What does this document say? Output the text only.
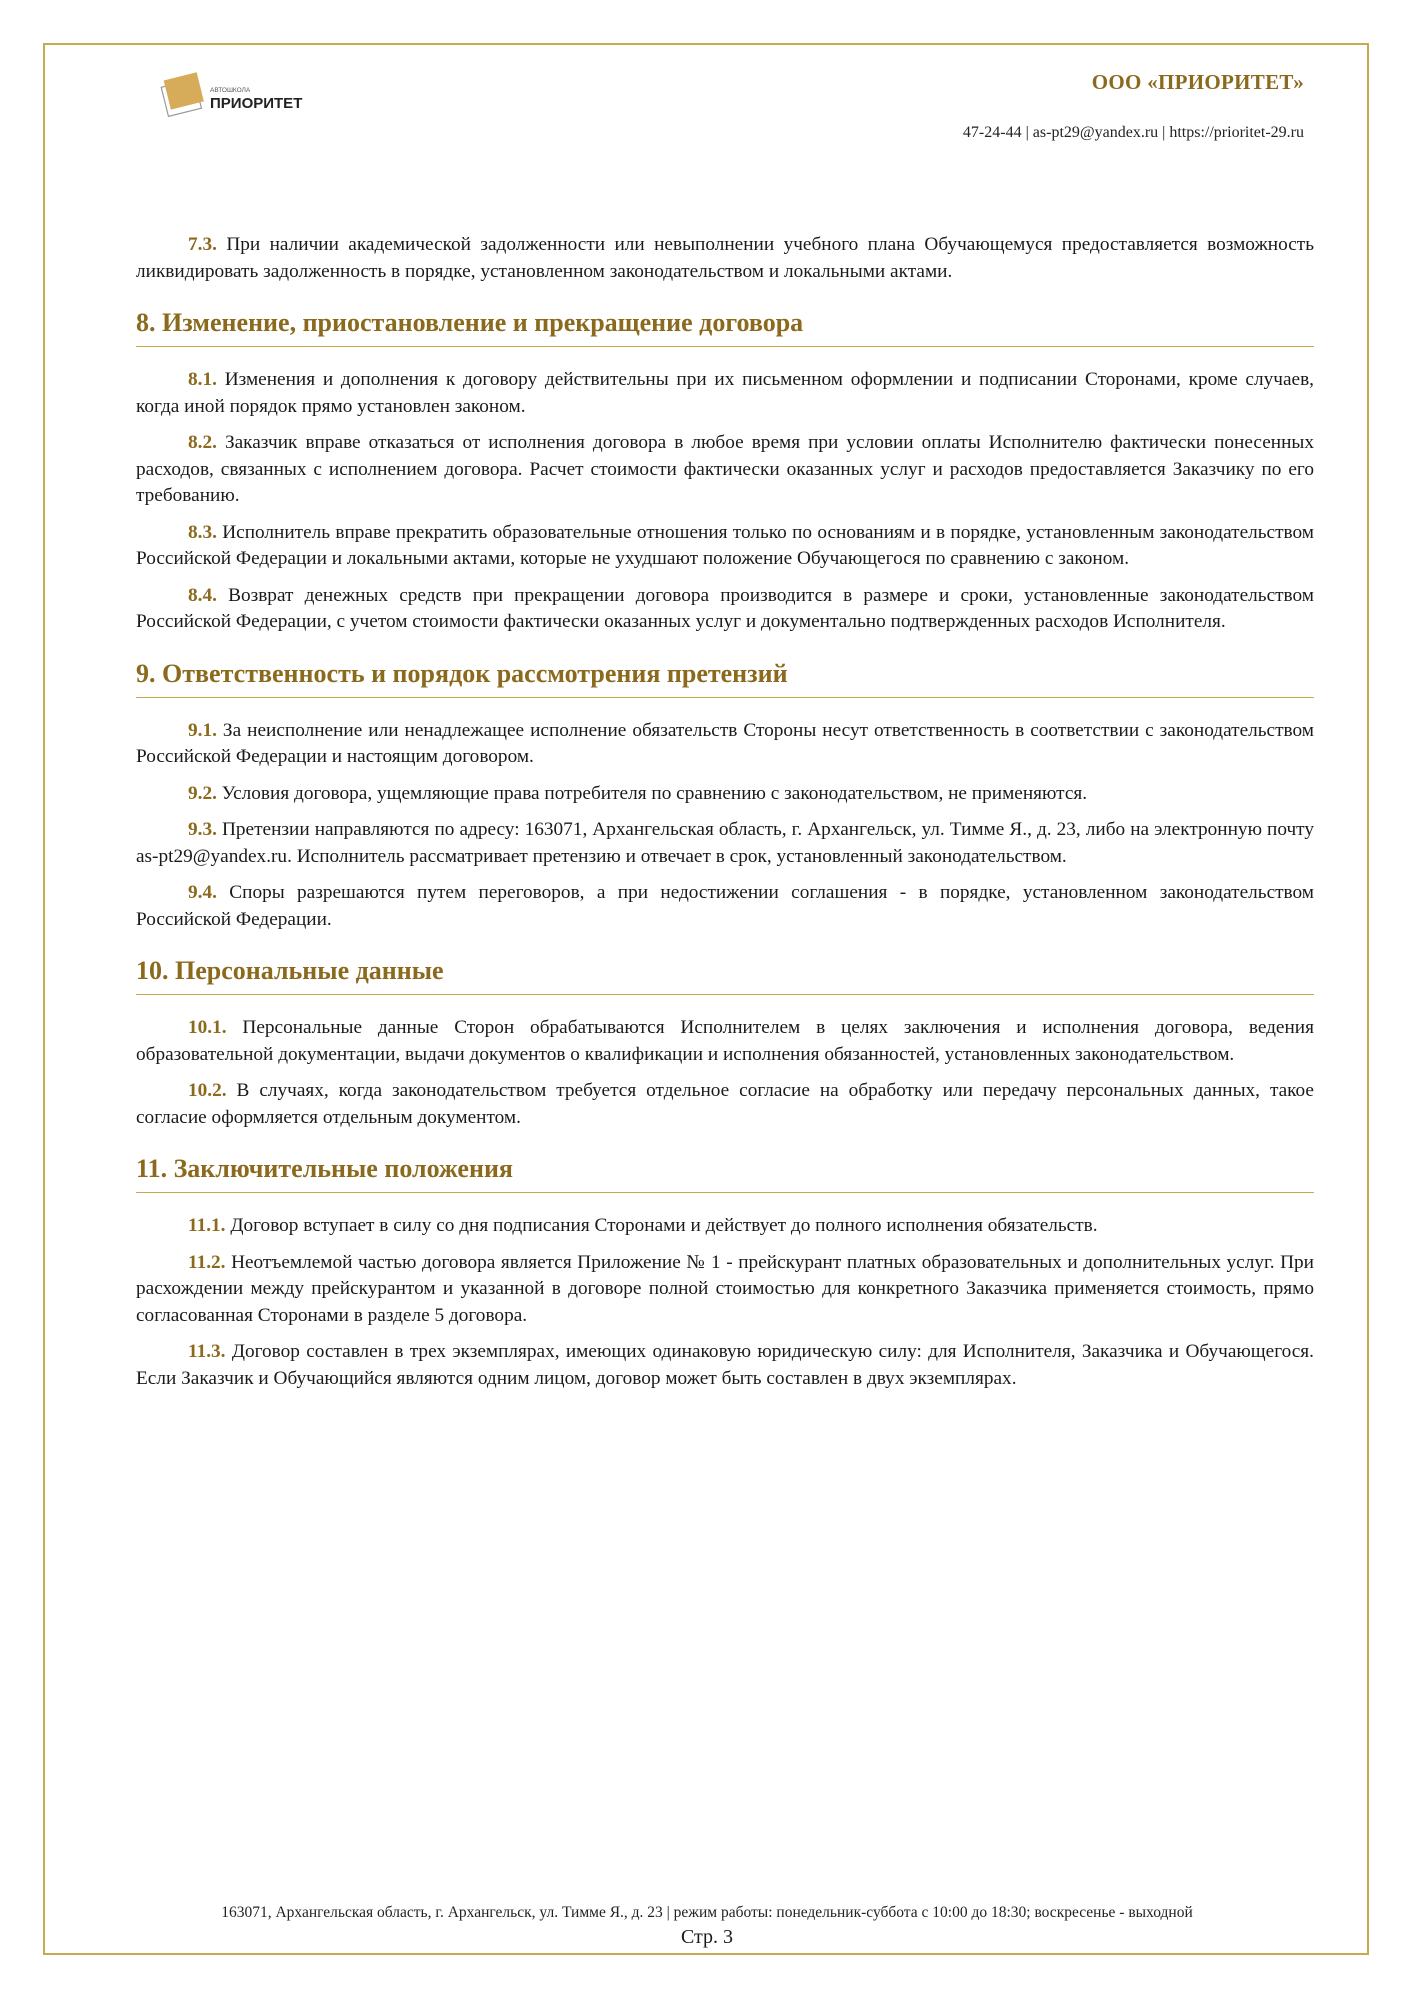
АВТОШКОЛА
ПРИОРИТЕТ
ООО «ПРИОРИТЕТ»
47-24-44 | as-pt29@yandex.ru | https://prioritet-29.ru

7.3. При наличии академической задолженности или невыполнении учебного плана Обучающемуся предоставляется возможность ликвидировать задолженность в порядке, установленном законодательством и локальными актами.

8. Изменение, приостановление и прекращение договора

8.1. Изменения и дополнения к договору действительны при их письменном оформлении и подписании Сторонами, кроме случаев, когда иной порядок прямо установлен законом.

8.2. Заказчик вправе отказаться от исполнения договора в любое время при условии оплаты Исполнителю фактически понесенных расходов, связанных с исполнением договора. Расчет стоимости фактически оказанных услуг и расходов предоставляется Заказчику по его требованию.

8.3. Исполнитель вправе прекратить образовательные отношения только по основаниям и в порядке, установленным законодательством Российской Федерации и локальными актами, которые не ухудшают положение Обучающегося по сравнению с законом.

8.4. Возврат денежных средств при прекращении договора производится в размере и сроки, установленные законодательством Российской Федерации, с учетом стоимости фактически оказанных услуг и документально подтвержденных расходов Исполнителя.

9. Ответственность и порядок рассмотрения претензий

9.1. За неисполнение или ненадлежащее исполнение обязательств Стороны несут ответственность в соответствии с законодательством Российской Федерации и настоящим договором.

9.2. Условия договора, ущемляющие права потребителя по сравнению с законодательством, не применяются.

9.3. Претензии направляются по адресу: 163071, Архангельская область, г. Архангельск, ул. Тимме Я., д. 23, либо на электронную почту as-pt29@yandex.ru. Исполнитель рассматривает претензию и отвечает в срок, установленный законодательством.

9.4. Споры разрешаются путем переговоров, а при недостижении соглашения - в порядке, установленном законодательством Российской Федерации.

10. Персональные данные

10.1. Персональные данные Сторон обрабатываются Исполнителем в целях заключения и исполнения договора, ведения образовательной документации, выдачи документов о квалификации и исполнения обязанностей, установленных законодательством.

10.2. В случаях, когда законодательством требуется отдельное согласие на обработку или передачу персональных данных, такое согласие оформляется отдельным документом.

11. Заключительные положения

11.1. Договор вступает в силу со дня подписания Сторонами и действует до полного исполнения обязательств.

11.2. Неотъемлемой частью договора является Приложение № 1 - прейскурант платных образовательных и дополнительных услуг. При расхождении между прейскурантом и указанной в договоре полной стоимостью для конкретного Заказчика применяется стоимость, прямо согласованная Сторонами в разделе 5 договора.

11.3. Договор составлен в трех экземплярах, имеющих одинаковую юридическую силу: для Исполнителя, Заказчика и Обучающегося. Если Заказчик и Обучающийся являются одним лицом, договор может быть составлен в двух экземплярах.

163071, Архангельская область, г. Архангельск, ул. Тимме Я., д. 23 | режим работы: понедельник-суббота с 10:00 до 18:30; воскресенье - выходной
Стр. 3
